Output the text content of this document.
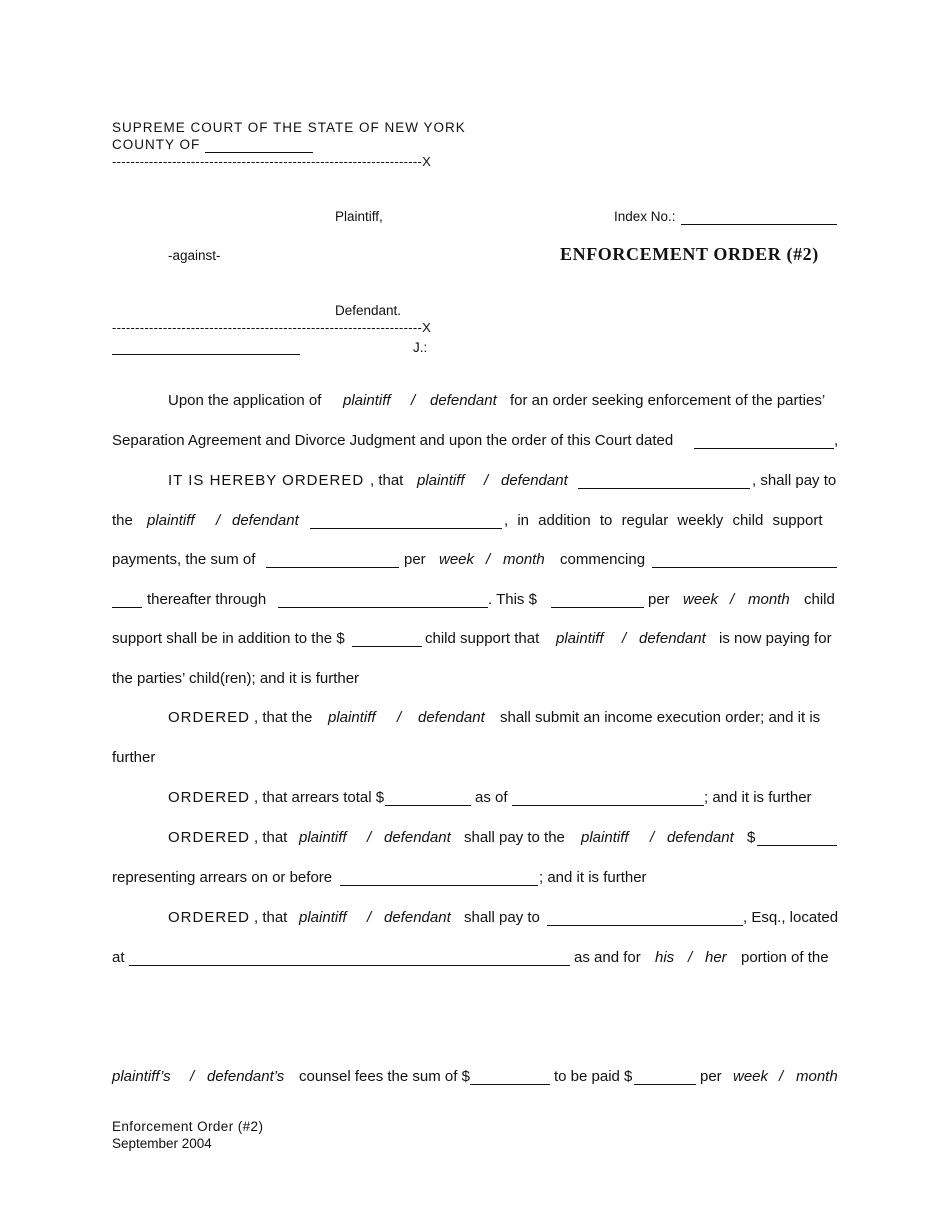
SUPREME COURT OF THE STATE OF NEW YORK
COUNTY OF
-------------------------------------------------------------------X
Plaintiff,	Index No.:
-against-	ENFORCEMENT ORDER (#2)
Defendant.
-------------------------------------------------------------------X
J.:
Upon the application of plaintiff / defendant for an order seeking enforcement of the parties’
Separation Agreement and Divorce Judgment and upon the order of this Court dated	,
IT IS HEREBY ORDERED , that plaintiff / defendant	, shall pay to
the plaintiff / defendant	, in addition to regular weekly child support
payments, the sum of	per week / month commencing
thereafter through	. This $	per week / month child
support shall be in addition to the $	child support that plaintiff / defendant is now paying for
the parties’ child(ren); and it is further
ORDERED , that the plaintiff / defendant shall submit an income execution order; and it is
further
ORDERED , that arrears total $	as of	; and it is further
ORDERED , that plaintiff / defendant shall pay to the plaintiff / defendant $
representing arrears on or before	; and it is further
ORDERED , that plaintiff / defendant shall pay to	, Esq., located
at	as and for his / her portion of the
plaintiff’s / defendant’s counsel fees the sum of $	to be paid $	per week / month
Enforcement Order (#2)
September 2004
